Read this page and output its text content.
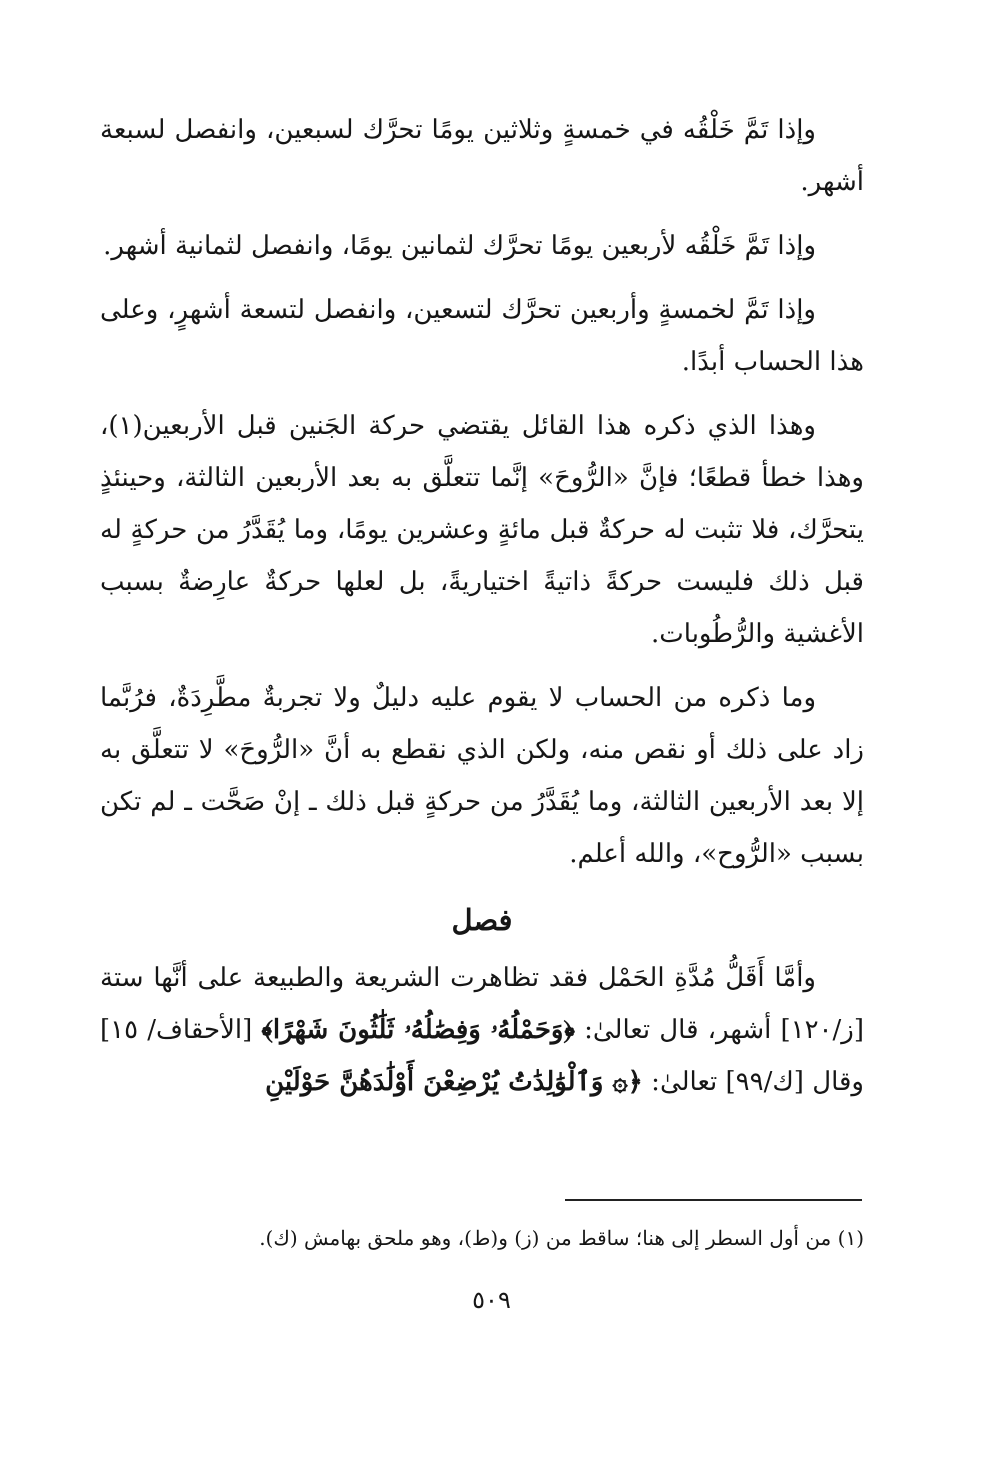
وإذا تَمَّ خَلْقُه في خمسةٍ وثلاثين يومًا تحرَّك لسبعين، وانفصل لسبعة أشهر.

وإذا تَمَّ خَلْقُه لأربعين يومًا تحرَّك لثمانين يومًا، وانفصل لثمانية أشهر.

وإذا تَمَّ لخمسةٍ وأربعين تحرَّك لتسعين، وانفصل لتسعة أشهرٍ، وعلى هذا الحساب أبدًا.

وهذا الذي ذكره هذا القائل يقتضي حركة الجَنين قبل الأربعين(١)، وهذا خطأ قطعًا؛ فإنَّ «الرُّوحَ» إنَّما تتعلَّق به بعد الأربعين الثالثة، وحينئذٍ يتحرَّك، فلا تثبت له حركةٌ قبل مائةٍ وعشرين يومًا، وما يُقَدَّرُ من حركةٍ له قبل ذلك فليست حركةً ذاتيةً اختياريةً، بل لعلها حركةٌ عارِضةٌ بسبب الأغشية والرُّطُوبات.

وما ذكره من الحساب لا يقوم عليه دليلٌ ولا تجربةٌ مطَّرِدَةٌ، فرُبَّما زاد على ذلك أو نقص منه، ولكن الذي نقطع به أنَّ «الرُّوحَ» لا تتعلَّق به إلا بعد الأربعين الثالثة، وما يُقَدَّرُ من حركةٍ قبل ذلك ـ إنْ صَحَّت ـ لم تكن بسبب «الرُّوح»، والله أعلم.

فصل

وأمَّا أَقَلُّ مُدَّةِ الحَمْل فقد تظاهرت الشريعة والطبيعة على أنَّها ستة [ز/١٢٠] أشهر، قال تعالىٰ: ﴿وَحَمْلُهُۥ وَفِصَٰلُهُۥ ثَلَٰثُونَ شَهْرًا﴾ [الأحقاف/ ١٥] وقال [ك/٩٩] تعالىٰ: ﴿۞ وَٱلْوَٰلِدَٰتُ يُرْضِعْنَ أَوْلَٰدَهُنَّ حَوْلَيْنِ

(١) من أول السطر إلى هنا؛ ساقط من (ز) و(ط)، وهو ملحق بهامش (ك).
٥٠٩
